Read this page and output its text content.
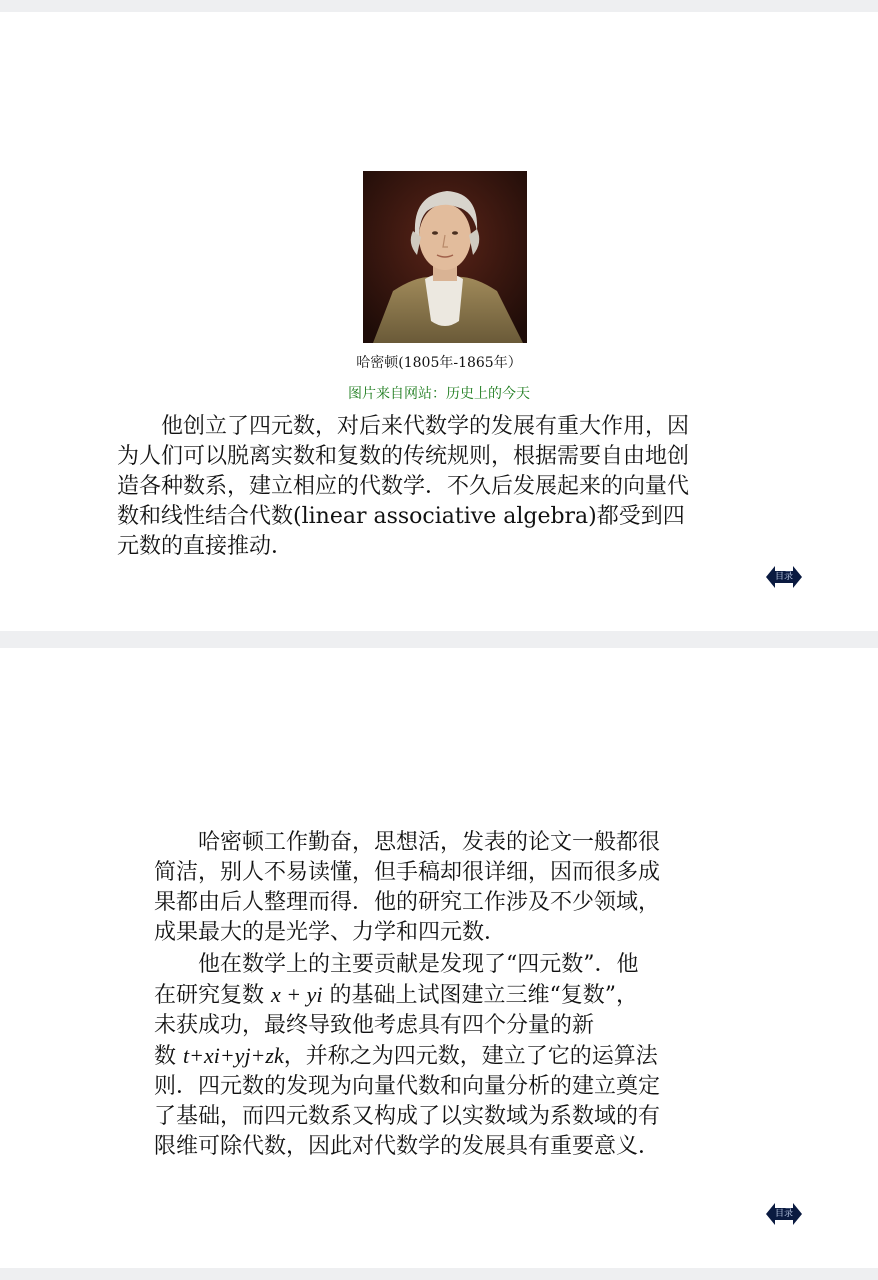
哈密顿(1805年-1865年）
图片来自网站：历史上的今天

　　他创立了四元数，对后来代数学的发展有重大作用，因
为人们可以脱离实数和复数的传统规则，根据需要自由地创
造各种数系，建立相应的代数学．不久后发展起来的向量代
数和线性结合代数(linear associative algebra)都受到四
元数的直接推动．

目录

　　哈密顿工作勤奋，思想活，发表的论文一般都很
简洁，别人不易读懂，但手稿却很详细，因而很多成
果都由后人整理而得．他的研究工作涉及不少领域，
成果最大的是光学、力学和四元数．

　　他在数学上的主要贡献是发现了“四元数”．他
在研究复数 x + yi 的基础上试图建立三维“复数”，
未获成功，最终导致他考虑具有四个分量的新
数 t+xi+yj+zk，并称之为四元数，建立了它的运算法
则．四元数的发现为向量代数和向量分析的建立奠定
了基础，而四元数系又构成了以实数域为系数域的有
限维可除代数，因此对代数学的发展具有重要意义．

目录
